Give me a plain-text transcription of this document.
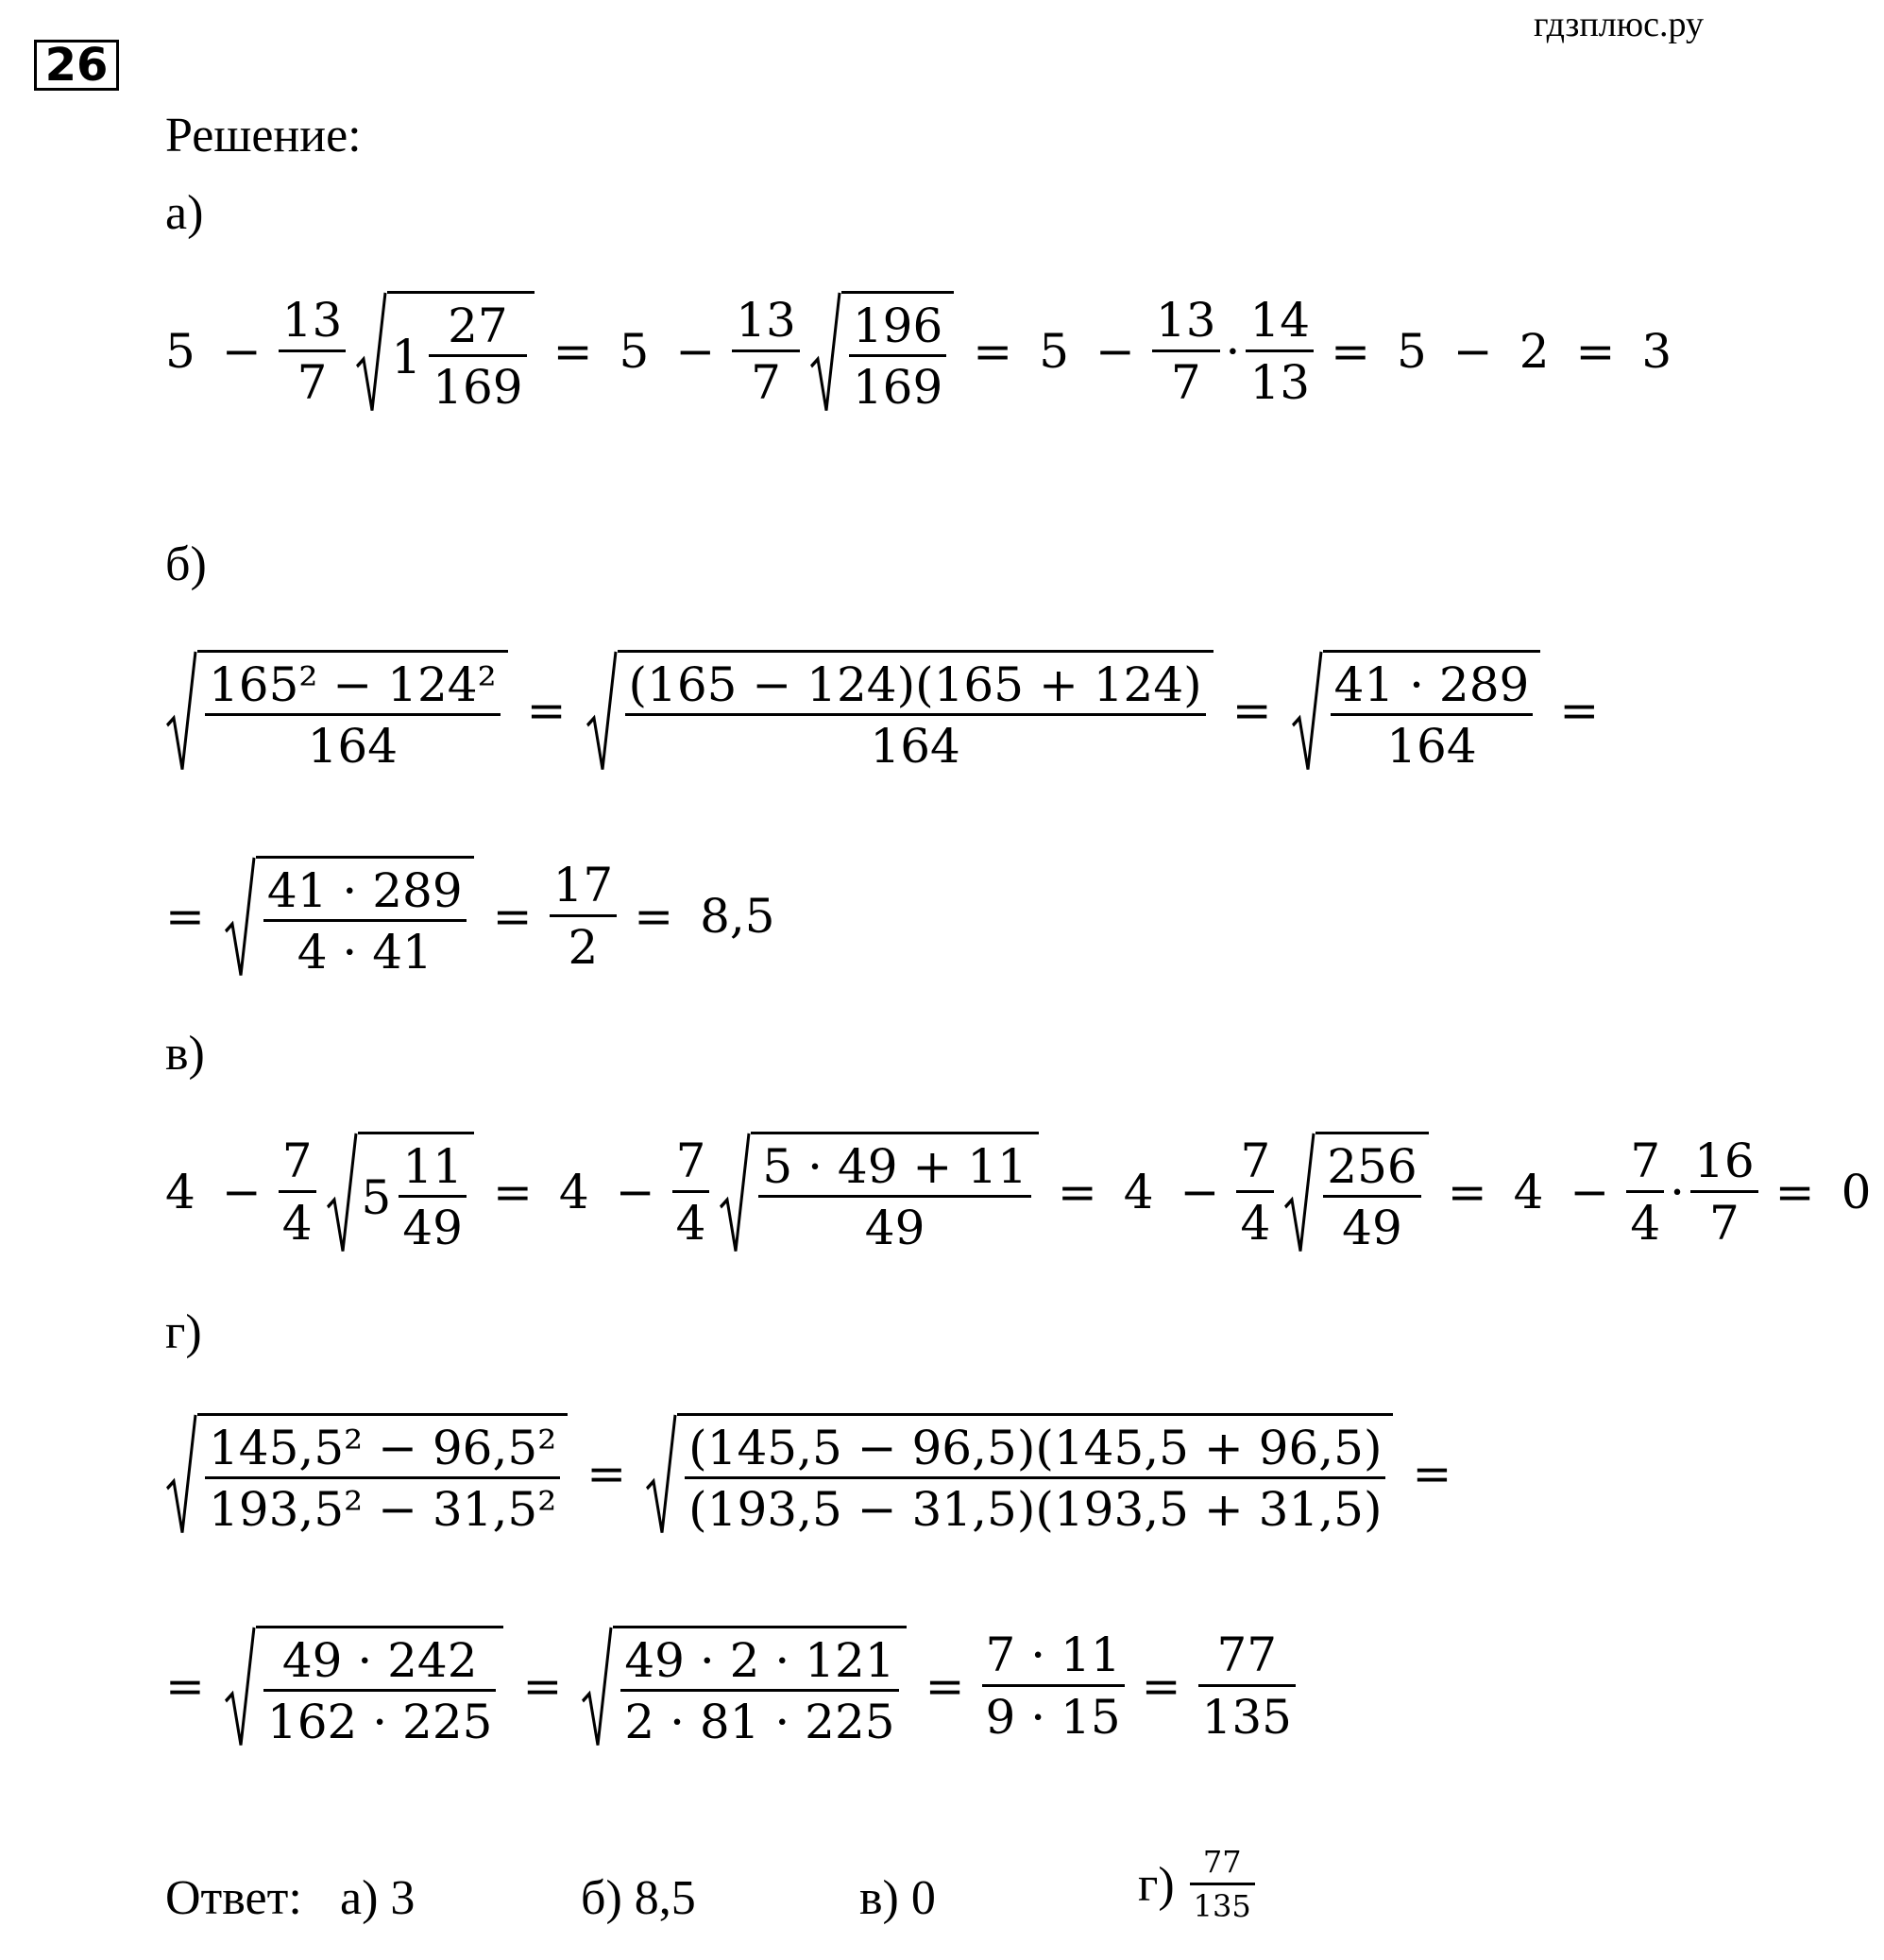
26
гдзплюс.ру
Решение:
а)
$5 - \frac{13}{7} 1 \frac{27}{169} = 5 - \frac{13}{7} \frac{196}{169} = 5 - \frac{13}{7} \cdot \frac{14}{13} = 5 - 2 = 3$
б)
$\frac{\text{165² − 124²}}{164} = \frac{(165 - 124)(165 + 124)}{164} = \frac{41 \cdot 289}{164}$ =
= $\frac{41 \cdot 289}{4 \cdot 41} = \frac{17}{2} = 8,5$
в)
$4 - \frac{7}{4} 5 \frac{11}{49} = 4 - \frac{7}{4} \frac{5 \cdot 49 + 11}{49} = 4 - \frac{7}{4} \frac{256}{49} = 4 - \frac{7}{4} \cdot \frac{16}{7} = 0$
г)
$\frac{\text{145,5² − 96,5²}}{\text{193,5² − 31,5²}} = \frac{(145,5 - 96,5)(145,5 + 96,5)}{(193,5 - 31,5)(193,5 + 31,5)}$ =
= $\frac{49 \cdot 242}{162 \cdot 225} = \frac{49 \cdot 2 \cdot 121}{2 \cdot 81 \cdot 225} = \frac{7 \cdot 11}{9 \cdot 15} = \frac{77}{135}$
Ответ: а) 3	б) 8,5	в) 0	$г) \frac{77}{135}$
